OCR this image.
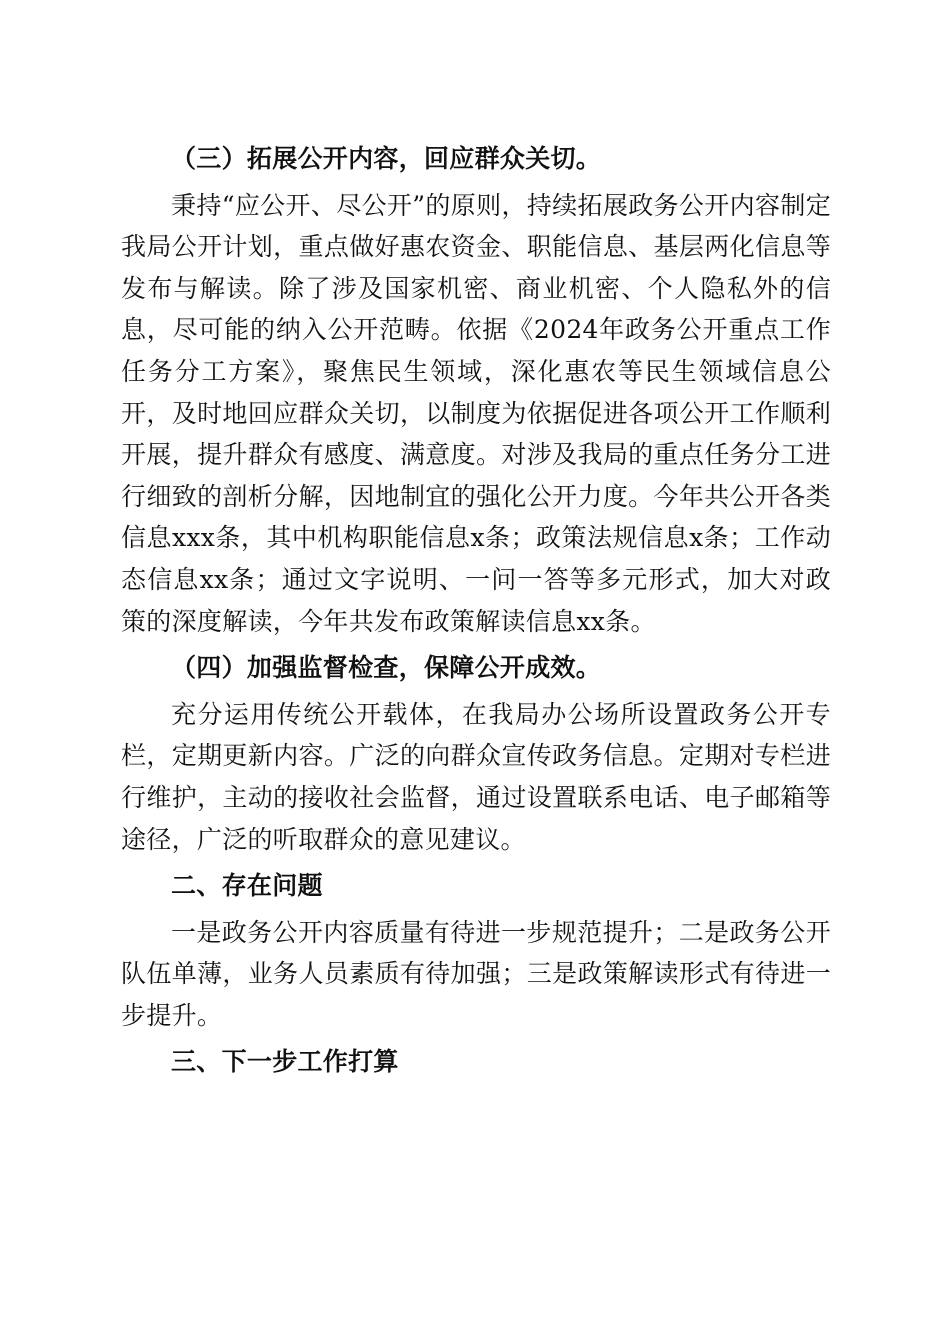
（三）拓展公开内容，回应群众关切。

秉持“应公开、尽公开”的原则，持续拓展政务公开内容制定我局公开计划，重点做好惠农资金、职能信息、基层两化信息等发布与解读。除了涉及国家机密、商业机密、个人隐私外的信息，尽可能的纳入公开范畴。依据《2024年政务公开重点工作任务分工方案》，聚焦民生领域，深化惠农等民生领域信息公开，及时地回应群众关切，以制度为依据促进各项公开工作顺利开展，提升群众有感度、满意度。对涉及我局的重点任务分工进行细致的剖析分解，因地制宜的强化公开力度。今年共公开各类信息xxx条，其中机构职能信息x条；政策法规信息x条；工作动态信息xx条；通过文字说明、一问一答等多元形式，加大对政策的深度解读，今年共发布政策解读信息xx条。

（四）加强监督检查，保障公开成效。

充分运用传统公开载体，在我局办公场所设置政务公开专栏，定期更新内容。广泛的向群众宣传政务信息。定期对专栏进行维护，主动的接收社会监督，通过设置联系电话、电子邮箱等途径，广泛的听取群众的意见建议。

二、存在问题

一是政务公开内容质量有待进一步规范提升；二是政务公开队伍单薄，业务人员素质有待加强；三是政策解读形式有待进一步提升。

三、下一步工作打算
